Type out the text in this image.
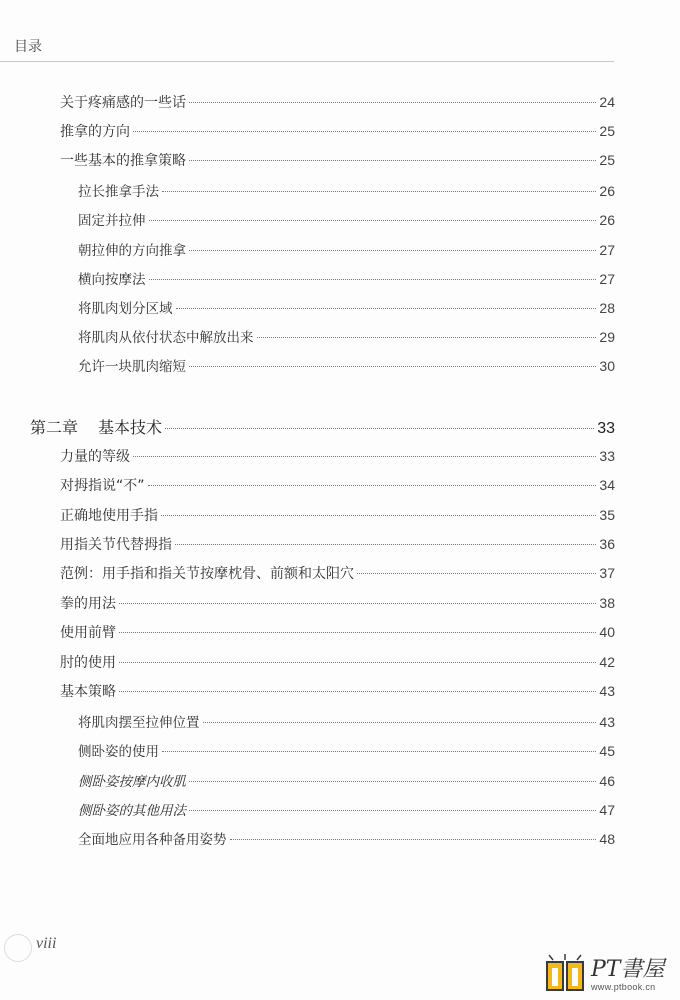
目录
关于疼痛感的一些话	24
推拿的方向	25
一些基本的推拿策略	25
拉长推拿手法	26
固定并拉伸	26
朝拉伸的方向推拿	27
横向按摩法	27
将肌肉划分区域	28
将肌肉从依付状态中解放出来	29
允许一块肌肉缩短	30
第二章 基本技术	33
力量的等级	33
对拇指说“不”	34
正确地使用手指	35
用指关节代替拇指	36
范例：用手指和指关节按摩枕骨、前额和太阳穴	37
拳的用法	38
使用前臂	40
肘的使用	42
基本策略	43
将肌肉摆至拉伸位置	43
侧卧姿的使用	45
侧卧姿按摩内收肌	46
侧卧姿的其他用法	47
全面地应用各种备用姿势	48
viii
PT書屋
www.ptbook.cn
